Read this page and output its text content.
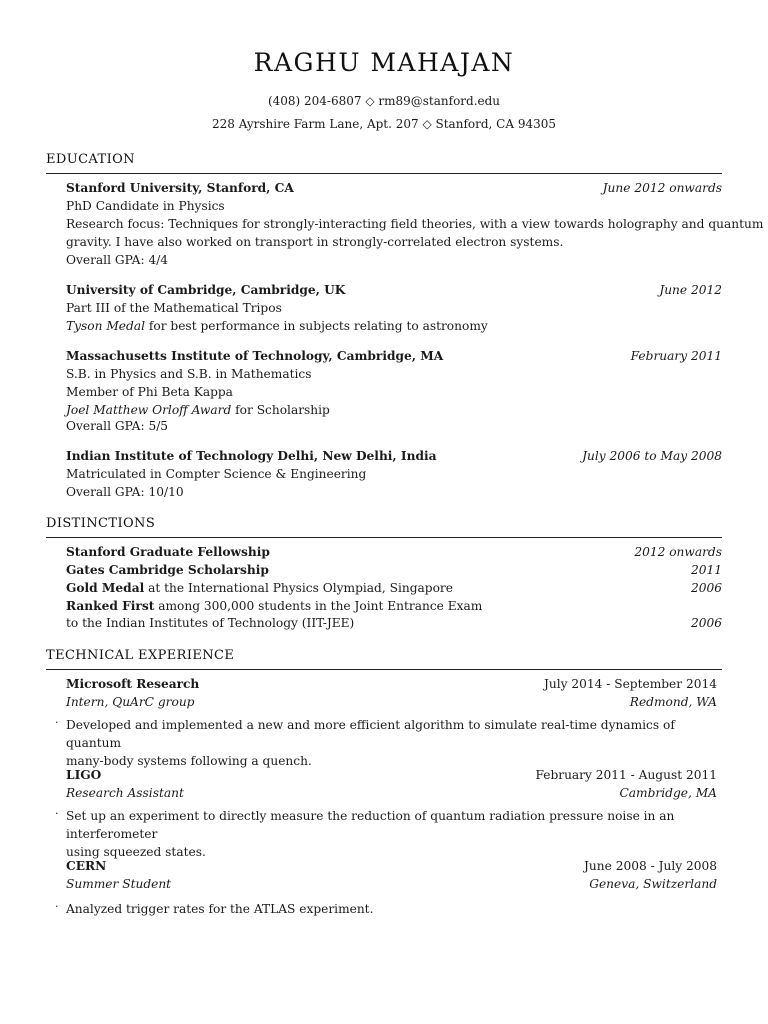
RAGHU MAHAJAN
(408) 204-6807 ◇ rm89@stanford.edu
228 Ayrshire Farm Lane, Apt. 207 ◇ Stanford, CA 94305
EDUCATION
Stanford University, Stanford, CA	June 2012 onwards
PhD Candidate in Physics
Research focus: Techniques for strongly-interacting field theories, with a view towards holography and quantum
gravity. I have also worked on transport in strongly-correlated electron systems.
Overall GPA: 4/4
University of Cambridge, Cambridge, UK	June 2012
Part III of the Mathematical Tripos
Tyson Medal for best performance in subjects relating to astronomy
Massachusetts Institute of Technology, Cambridge, MA	February 2011
S.B. in Physics and S.B. in Mathematics
Member of Phi Beta Kappa
Joel Matthew Orloff Award for Scholarship
Overall GPA: 5/5
Indian Institute of Technology Delhi, New Delhi, India	July 2006 to May 2008
Matriculated in Compter Science & Engineering
Overall GPA: 10/10
DISTINCTIONS
Stanford Graduate Fellowship	2012 onwards
Gates Cambridge Scholarship	2011
Gold Medal at the International Physics Olympiad, Singapore	2006
Ranked First among 300,000 students in the Joint Entrance Exam
to the Indian Institutes of Technology (IIT-JEE)	2006
TECHNICAL EXPERIENCE
Microsoft Research	July 2014 - September 2014
Intern, QuArC group	Redmond, WA
· Developed and implemented a new and more efficient algorithm to simulate real-time dynamics of quantum
many-body systems following a quench.
LIGO	February 2011 - August 2011
Research Assistant	Cambridge, MA
· Set up an experiment to directly measure the reduction of quantum radiation pressure noise in an interferometer
using squeezed states.
CERN	June 2008 - July 2008
Summer Student	Geneva, Switzerland
· Analyzed trigger rates for the ATLAS experiment.
